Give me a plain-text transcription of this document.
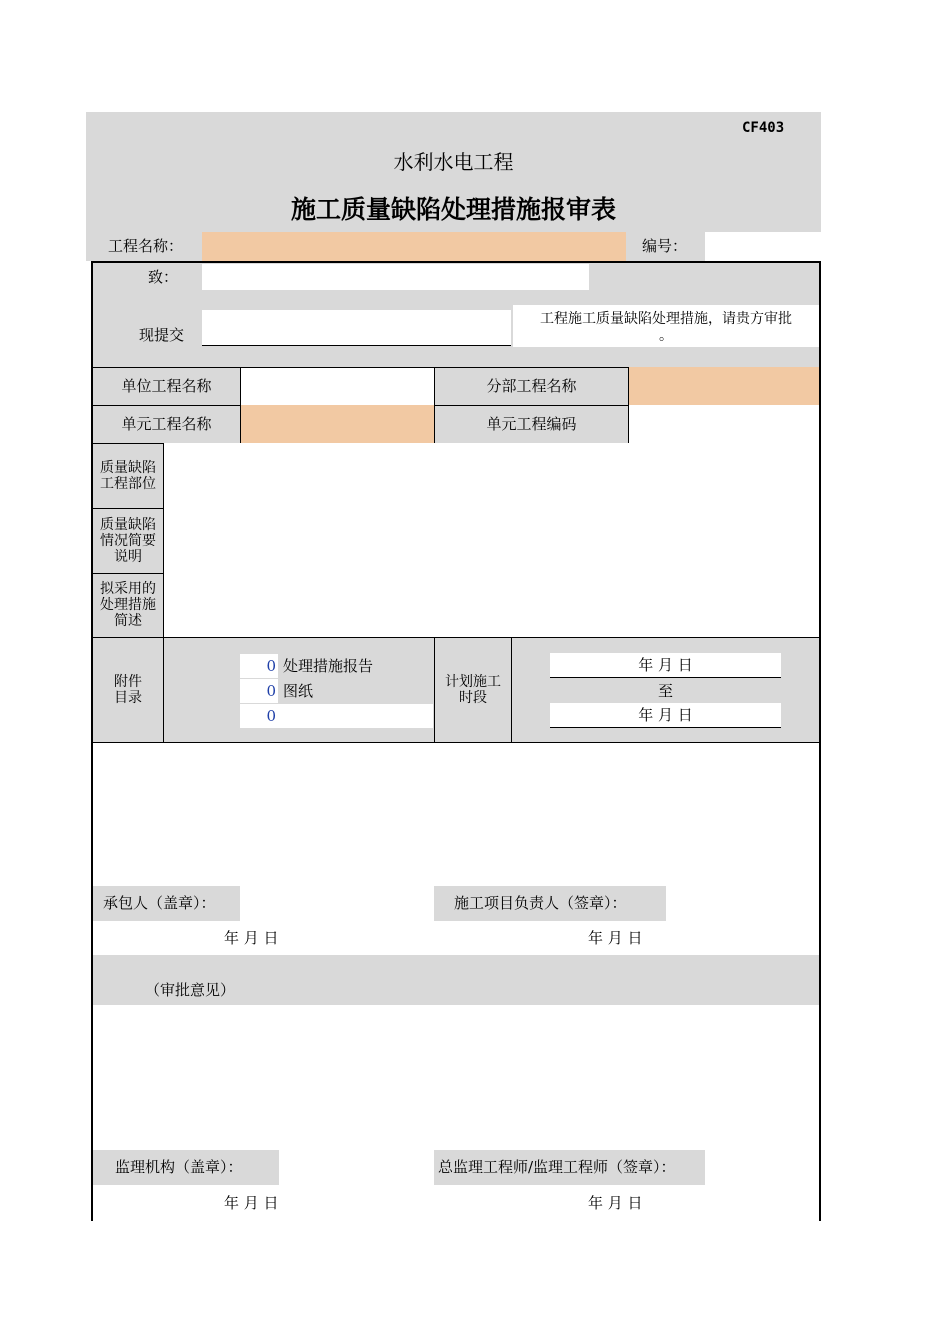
CF403
水利水电工程
施工质量缺陷处理措施报审表
工程名称：	编号：
致：
现提交
工程施工质量缺陷处理措施，请贵方审批
。
单位工程名称	分部工程名称
单元工程名称	单元工程编码
质量缺陷
工程部位
质量缺陷
情况简要
说明
拟采用的
处理措施
简述
附件
目录
0 处理措施报告
0 图纸
0
计划施工
时段
年 月 日
至
年 月 日
承包人（盖章）：	施工项目负责人（签章）：
年 月 日	年 月 日
（审批意见）
监理机构（盖章）：	总监理工程师/监理工程师（签章）：
年 月 日	年 月 日
